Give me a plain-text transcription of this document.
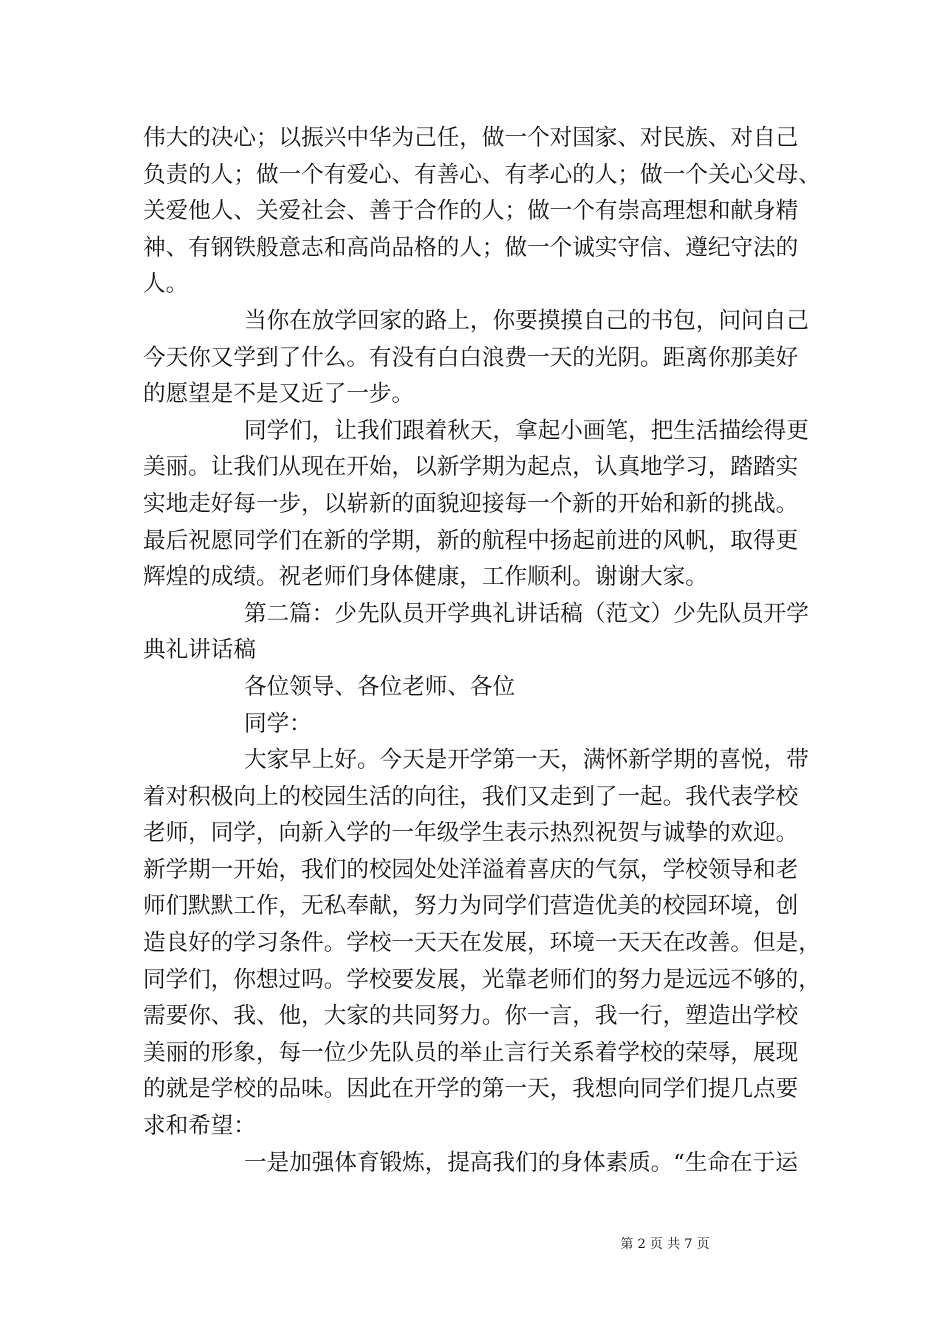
伟大的决心；以振兴中华为己任，做一个对国家、对民族、对自己
负责的人；做一个有爱心、有善心、有孝心的人；做一个关心父母、
关爱他人、关爱社会、善于合作的人；做一个有崇高理想和献身精
神、有钢铁般意志和高尚品格的人；做一个诚实守信、遵纪守法的
人。
当你在放学回家的路上，你要摸摸自己的书包，问问自己
今天你又学到了什么。有没有白白浪费一天的光阴。距离你那美好
的愿望是不是又近了一步。
同学们，让我们跟着秋天，拿起小画笔，把生活描绘得更
美丽。让我们从现在开始，以新学期为起点，认真地学习，踏踏实
实地走好每一步，以崭新的面貌迎接每一个新的开始和新的挑战。
最后祝愿同学们在新的学期，新的航程中扬起前进的风帆，取得更
辉煌的成绩。祝老师们身体健康，工作顺利。谢谢大家。
第二篇：少先队员开学典礼讲话稿（范文）少先队员开学
典礼讲话稿
各位领导、各位老师、各位
同学：
大家早上好。今天是开学第一天，满怀新学期的喜悦，带
着对积极向上的校园生活的向往，我们又走到了一起。我代表学校
老师，同学，向新入学的一年级学生表示热烈祝贺与诚挚的欢迎。
新学期一开始，我们的校园处处洋溢着喜庆的气氛，学校领导和老
师们默默工作，无私奉献，努力为同学们营造优美的校园环境，创
造良好的学习条件。学校一天天在发展，环境一天天在改善。但是，
同学们，你想过吗。学校要发展，光靠老师们的努力是远远不够的，
需要你、我、他，大家的共同努力。你一言，我一行，塑造出学校
美丽的形象，每一位少先队员的举止言行关系着学校的荣辱，展现
的就是学校的品味。因此在开学的第一天，我想向同学们提几点要
求和希望：
一是加强体育锻炼，提高我们的身体素质。“生命在于运
第 2 页 共 7 页
